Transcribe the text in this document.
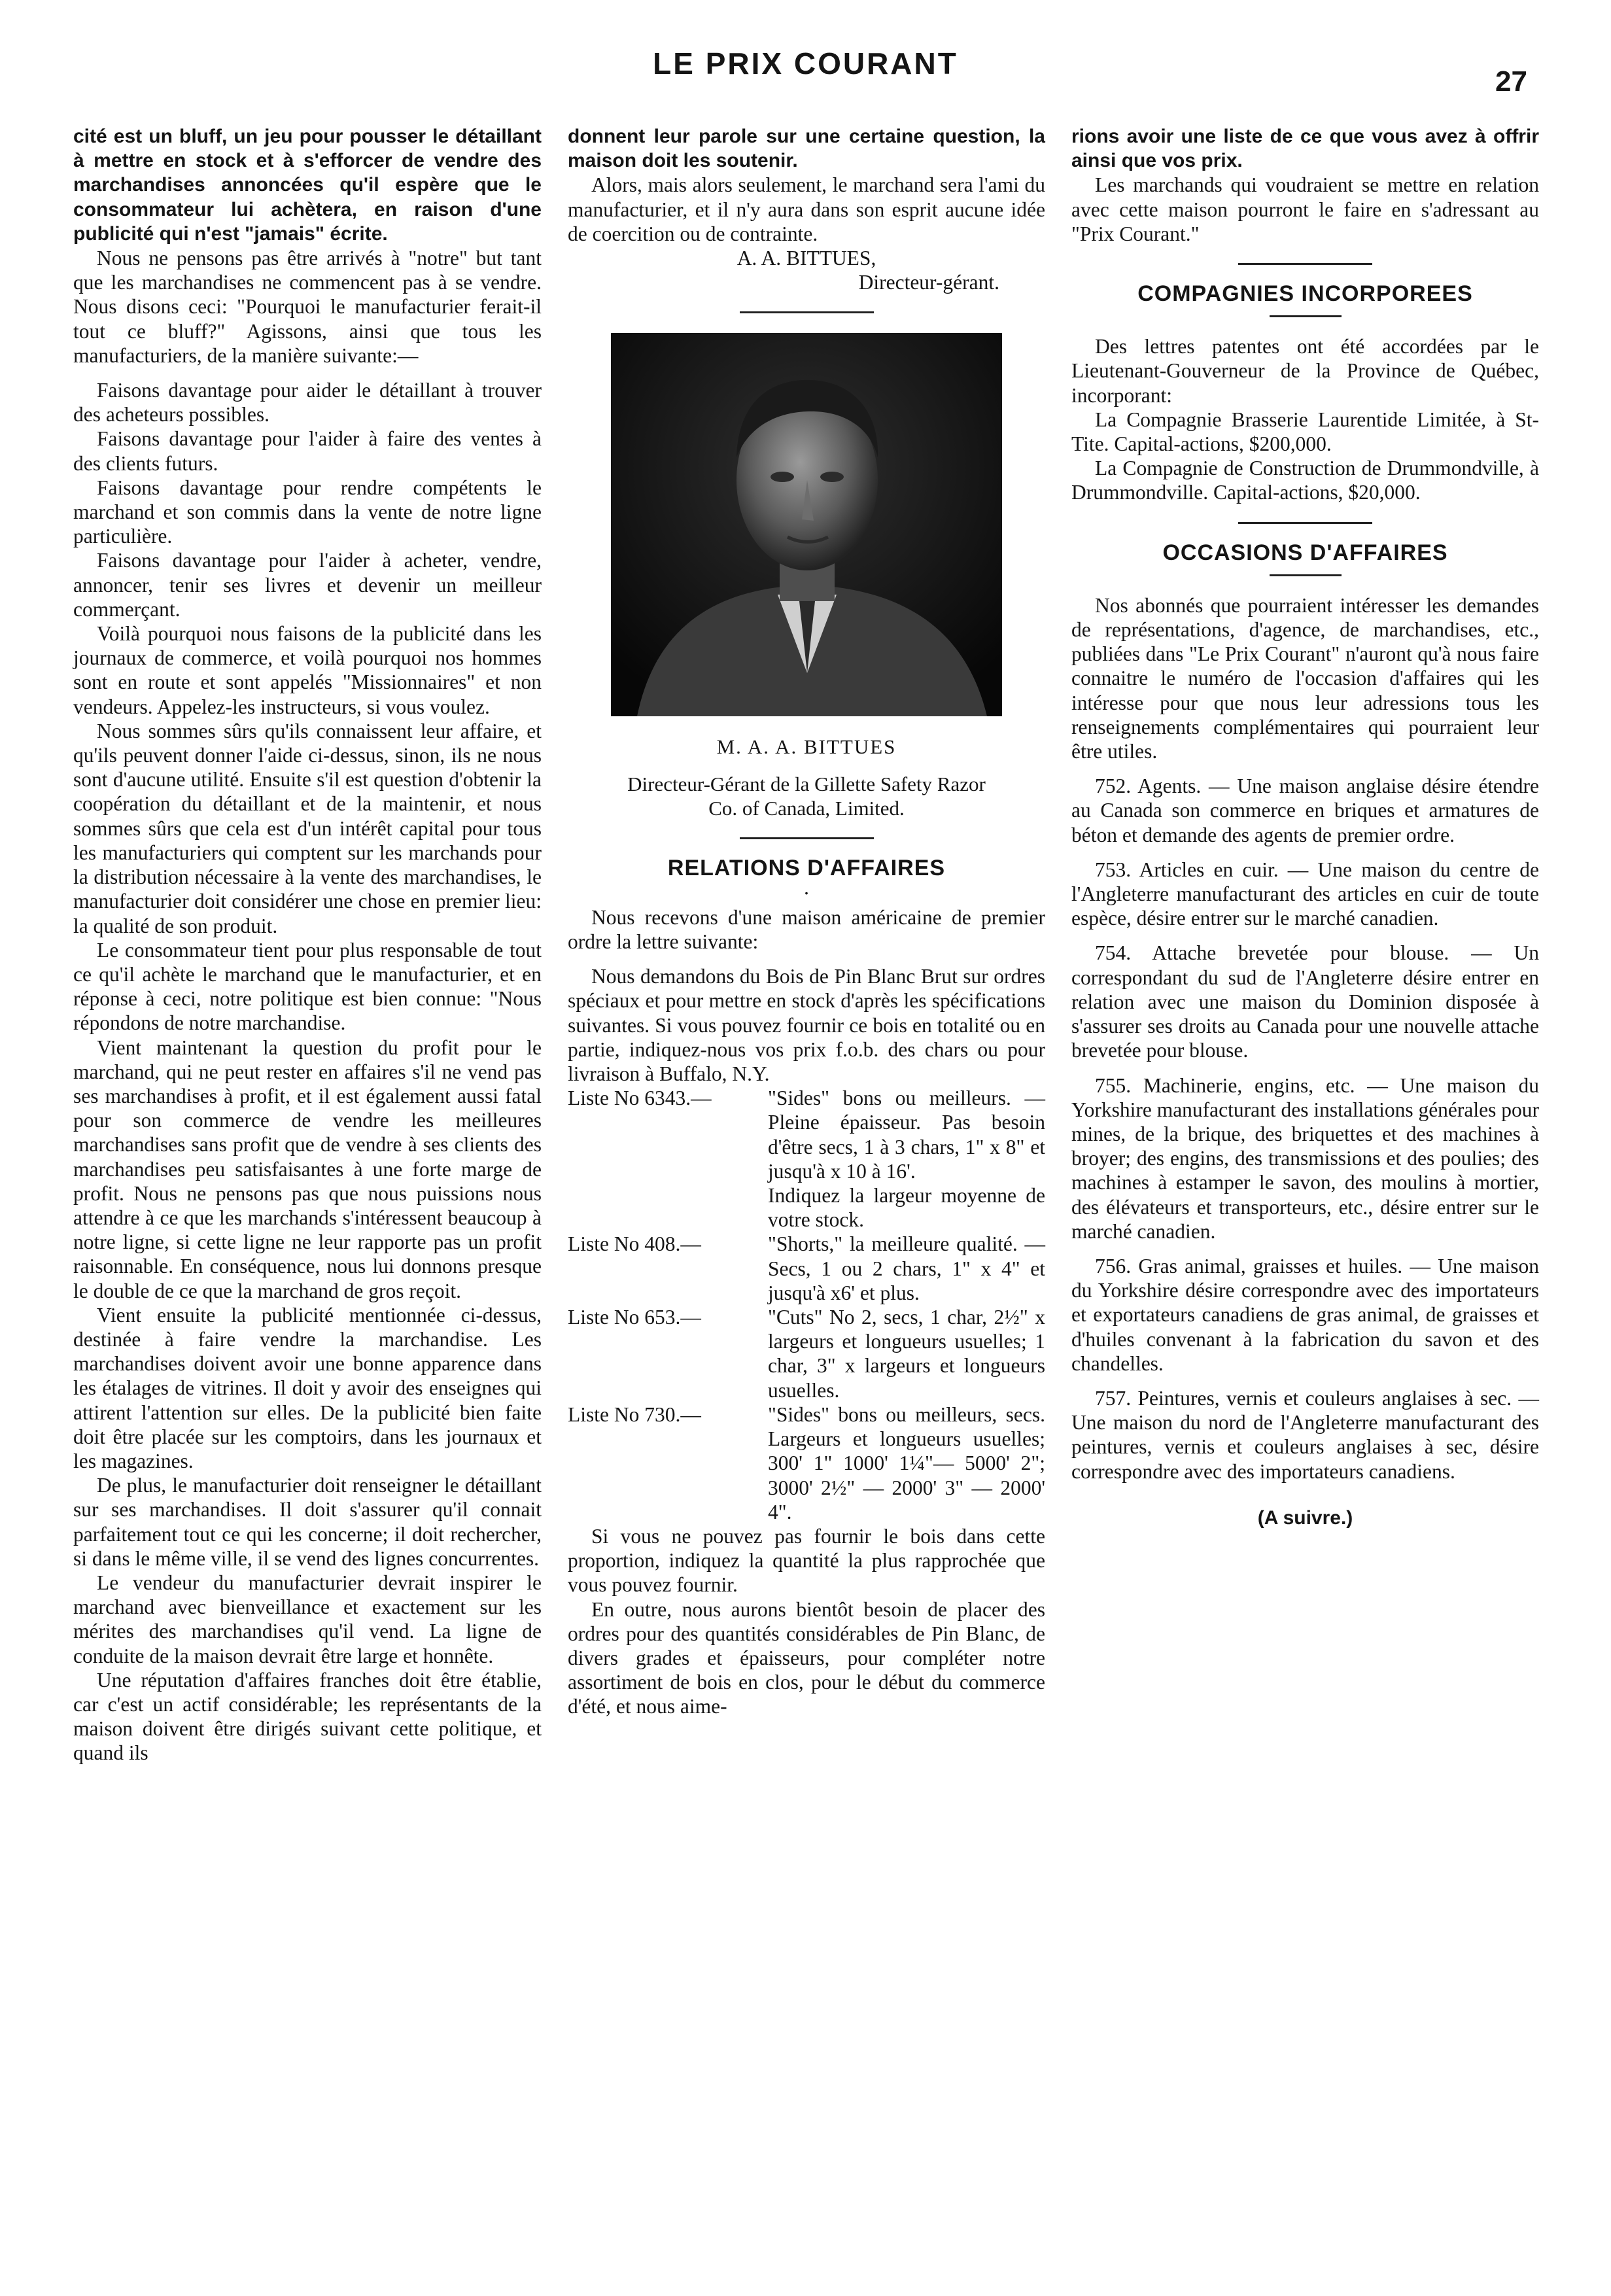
LE PRIX COURANT
27

cité est un bluff, un jeu pour pousser le détaillant à mettre en stock et à s'efforcer de vendre des marchandises annoncées qu'il espère que le consommateur lui achètera, en raison d'une publicité qui n'est "jamais" écrite.

Nous ne pensons pas être arrivés à "notre" but tant que les marchandises ne commencent pas à se vendre. Nous disons ceci: "Pourquoi le manufacturier ferait-il tout ce bluff?" Agissons, ainsi que tous les manufacturiers, de la manière suivante:—

Faisons davantage pour aider le détaillant à trouver des acheteurs possibles.

Faisons davantage pour l'aider à faire des ventes à des clients futurs.

Faisons davantage pour rendre compétents le marchand et son commis dans la vente de notre ligne particulière.

Faisons davantage pour l'aider à acheter, vendre, annoncer, tenir ses livres et devenir un meilleur commerçant.

Voilà pourquoi nous faisons de la publicité dans les journaux de commerce, et voilà pourquoi nos hommes sont en route et sont appelés "Missionnaires" et non vendeurs. Appelez-les instructeurs, si vous voulez.

Nous sommes sûrs qu'ils connaissent leur affaire, et qu'ils peuvent donner l'aide ci-dessus, sinon, ils ne nous sont d'aucune utilité. Ensuite s'il est question d'obtenir la coopération du détaillant et de la maintenir, et nous sommes sûrs que cela est d'un intérêt capital pour tous les manufacturiers qui comptent sur les marchands pour la distribution nécessaire à la vente des marchandises, le manufacturier doit considérer une chose en premier lieu: la qualité de son produit.

Le consommateur tient pour plus responsable de tout ce qu'il achète le marchand que le manufacturier, et en réponse à ceci, notre politique est bien connue: "Nous répondons de notre marchandise.

Vient maintenant la question du profit pour le marchand, qui ne peut rester en affaires s'il ne vend pas ses marchandises à profit, et il est également aussi fatal pour son commerce de vendre les meilleures marchandises sans profit que de vendre à ses clients des marchandises peu satisfaisantes à une forte marge de profit. Nous ne pensons pas que nous puissions nous attendre à ce que les marchands s'intéressent beaucoup à notre ligne, si cette ligne ne leur rapporte pas un profit raisonnable. En conséquence, nous lui donnons presque le double de ce que la marchand de gros reçoit.

Vient ensuite la publicité mentionnée ci-dessus, destinée à faire vendre la marchandise. Les marchandises doivent avoir une bonne apparence dans les étalages de vitrines. Il doit y avoir des enseignes qui attirent l'attention sur elles. De la publicité bien faite doit être placée sur les comptoirs, dans les journaux et les magazines.

De plus, le manufacturier doit renseigner le détaillant sur ses marchandises. Il doit s'assurer qu'il connait parfaitement tout ce qui les concerne; il doit rechercher, si dans le même ville, il se vend des lignes concurrentes.

Le vendeur du manufacturier devrait inspirer le marchand avec bienveillance et exactement sur les mérites des marchandises qu'il vend. La ligne de conduite de la maison devrait être large et honnête.

Une réputation d'affaires franches doit être établie, car c'est un actif considérable; les représentants de la maison doivent être dirigés suivant cette politique, et quand ils

donnent leur parole sur une certaine question, la maison doit les soutenir.

Alors, mais alors seulement, le marchand sera l'ami du manufacturier, et il n'y aura dans son esprit aucune idée de coercition ou de contrainte.

A. A. BITTUES,
Directeur-gérant.
M. A. A. BITTUES
Directeur-Gérant de la Gillette Safety Razor
Co. of Canada, Limited.
RELATIONS D'AFFAIRES
·

Nous recevons d'une maison américaine de premier ordre la lettre suivante:

Nous demandons du Bois de Pin Blanc Brut sur ordres spéciaux et pour mettre en stock d'après les spécifications suivantes. Si vous pouvez fournir ce bois en totalité ou en partie, indiquez-nous vos prix f.o.b. des chars ou pour livraison à Buffalo, N.Y.

Liste No 6343.—	"Sides" bons ou meilleurs. — Pleine épaisseur. Pas besoin d'être secs, 1 à 3 chars, 1" x 8" et jusqu'à x 10 à 16'.

Indiquez la largeur moyenne de votre stock.

Liste No 408.—	"Shorts," la meilleure qualité. — Secs, 1 ou 2 chars, 1" x 4" et jusqu'à x6' et plus.

Liste No 653.—	"Cuts" No 2, secs, 1 char, 2½" x largeurs et longueurs usuelles; 1 char, 3" x largeurs et longueurs usuelles.

Liste No 730.—	"Sides" bons ou meilleurs, secs. Largeurs et longueurs usuelles; 300' 1" 1000' 1¼"— 5000' 2"; 3000' 2½" — 2000' 3" — 2000' 4".

Si vous ne pouvez pas fournir le bois dans cette proportion, indiquez la quantité la plus rapprochée que vous pouvez fournir.

En outre, nous aurons bientôt besoin de placer des ordres pour des quantités considérables de Pin Blanc, de divers grades et épaisseurs, pour compléter notre assortiment de bois en clos, pour le début du commerce d'été, et nous aime-

rions avoir une liste de ce que vous avez à offrir ainsi que vos prix.

Les marchands qui voudraient se mettre en relation avec cette maison pourront le faire en s'adressant au "Prix Courant."

COMPAGNIES INCORPOREES

Des lettres patentes ont été accordées par le Lieutenant-Gouverneur de la Province de Québec, incorporant:

La Compagnie Brasserie Laurentide Limitée, à St-Tite. Capital-actions, $200,000.

La Compagnie de Construction de Drummondville, à Drummondville. Capital-actions, $20,000.

OCCASIONS D'AFFAIRES

Nos abonnés que pourraient intéresser les demandes de représentations, d'agence, de marchandises, etc., publiées dans "Le Prix Courant" n'auront qu'à nous faire connaitre le numéro de l'occasion d'affaires qui les intéresse pour que nous leur adressions tous les renseignements complémentaires qui pourraient leur être utiles.

752. Agents. — Une maison anglaise désire étendre au Canada son commerce en briques et armatures de béton et demande des agents de premier ordre.

753. Articles en cuir. — Une maison du centre de l'Angleterre manufacturant des articles en cuir de toute espèce, désire entrer sur le marché canadien.

754. Attache brevetée pour blouse. — Un correspondant du sud de l'Angleterre désire entrer en relation avec une maison du Dominion disposée à s'assurer ses droits au Canada pour une nouvelle attache brevetée pour blouse.

755. Machinerie, engins, etc. — Une maison du Yorkshire manufacturant des installations générales pour mines, de la brique, des briquettes et des machines à broyer; des engins, des transmissions et des poulies; des machines à estamper le savon, des moulins à mortier, des élévateurs et transporteurs, etc., désire entrer sur le marché canadien.

756. Gras animal, graisses et huiles. — Une maison du Yorkshire désire correspondre avec des importateurs et exportateurs canadiens de gras animal, de graisses et d'huiles convenant à la fabrication du savon et des chandelles.

757. Peintures, vernis et couleurs anglaises à sec. — Une maison du nord de l'Angleterre manufacturant des peintures, vernis et couleurs anglaises à sec, désire correspondre avec des importateurs canadiens.

(A suivre.)
